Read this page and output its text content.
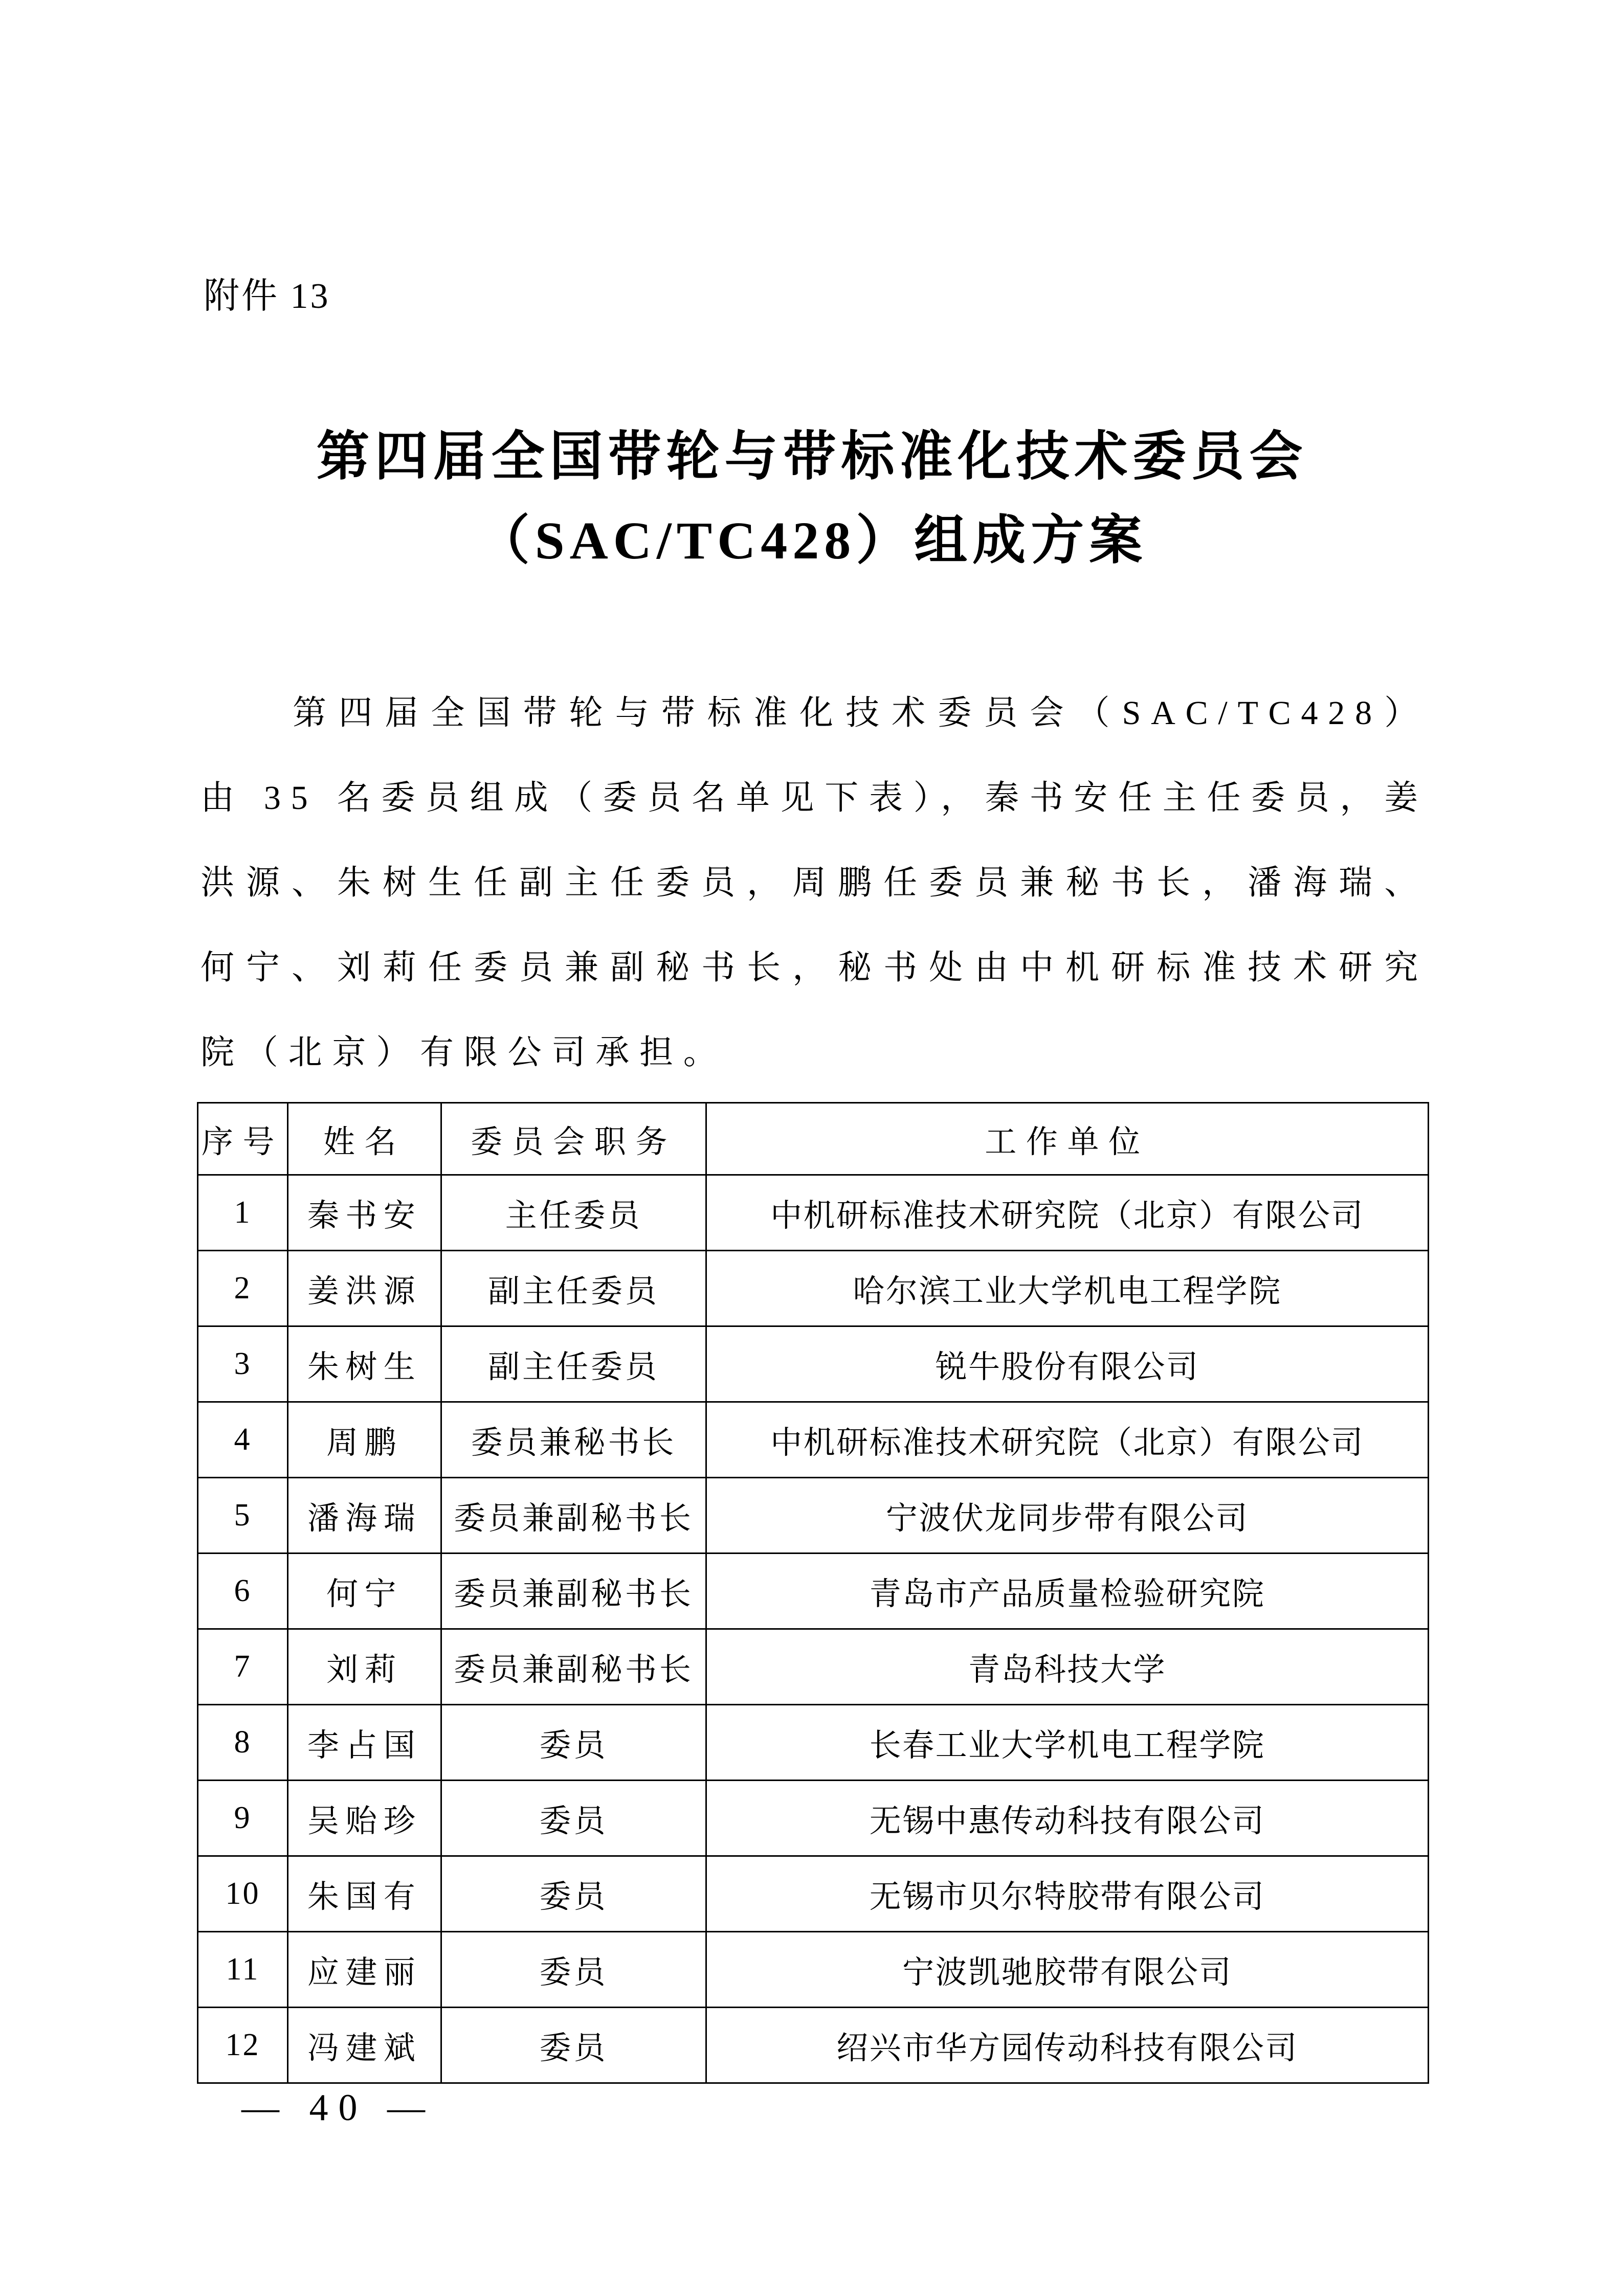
附件 13
第四届全国带轮与带标准化技术委员会
（SAC/TC428）组成方案
第四届全国带轮与带标准化技术委员会（SAC/TC428）由 35 名委员组成（委员名单见下表），秦书安任主任委员，姜洪源、朱树生任副主任委员，周鹏任委员兼秘书长，潘海瑞、何宁、刘莉任委员兼副秘书长，秘书处由中机研标准技术研究院（北京）有限公司承担。
序号	姓名	委员会职务	工作单位
1	秦书安	主任委员	中机研标准技术研究院（北京）有限公司
2	姜洪源	副主任委员	哈尔滨工业大学机电工程学院
3	朱树生	副主任委员	锐牛股份有限公司
4	周鹏	委员兼秘书长	中机研标准技术研究院（北京）有限公司
5	潘海瑞	委员兼副秘书长	宁波伏龙同步带有限公司
6	何宁	委员兼副秘书长	青岛市产品质量检验研究院
7	刘莉	委员兼副秘书长	青岛科技大学
8	李占国	委员	长春工业大学机电工程学院
9	吴贻珍	委员	无锡中惠传动科技有限公司
10	朱国有	委员	无锡市贝尔特胶带有限公司
11	应建丽	委员	宁波凯驰胶带有限公司
12	冯建斌	委员	绍兴市华方园传动科技有限公司
— 40 —
